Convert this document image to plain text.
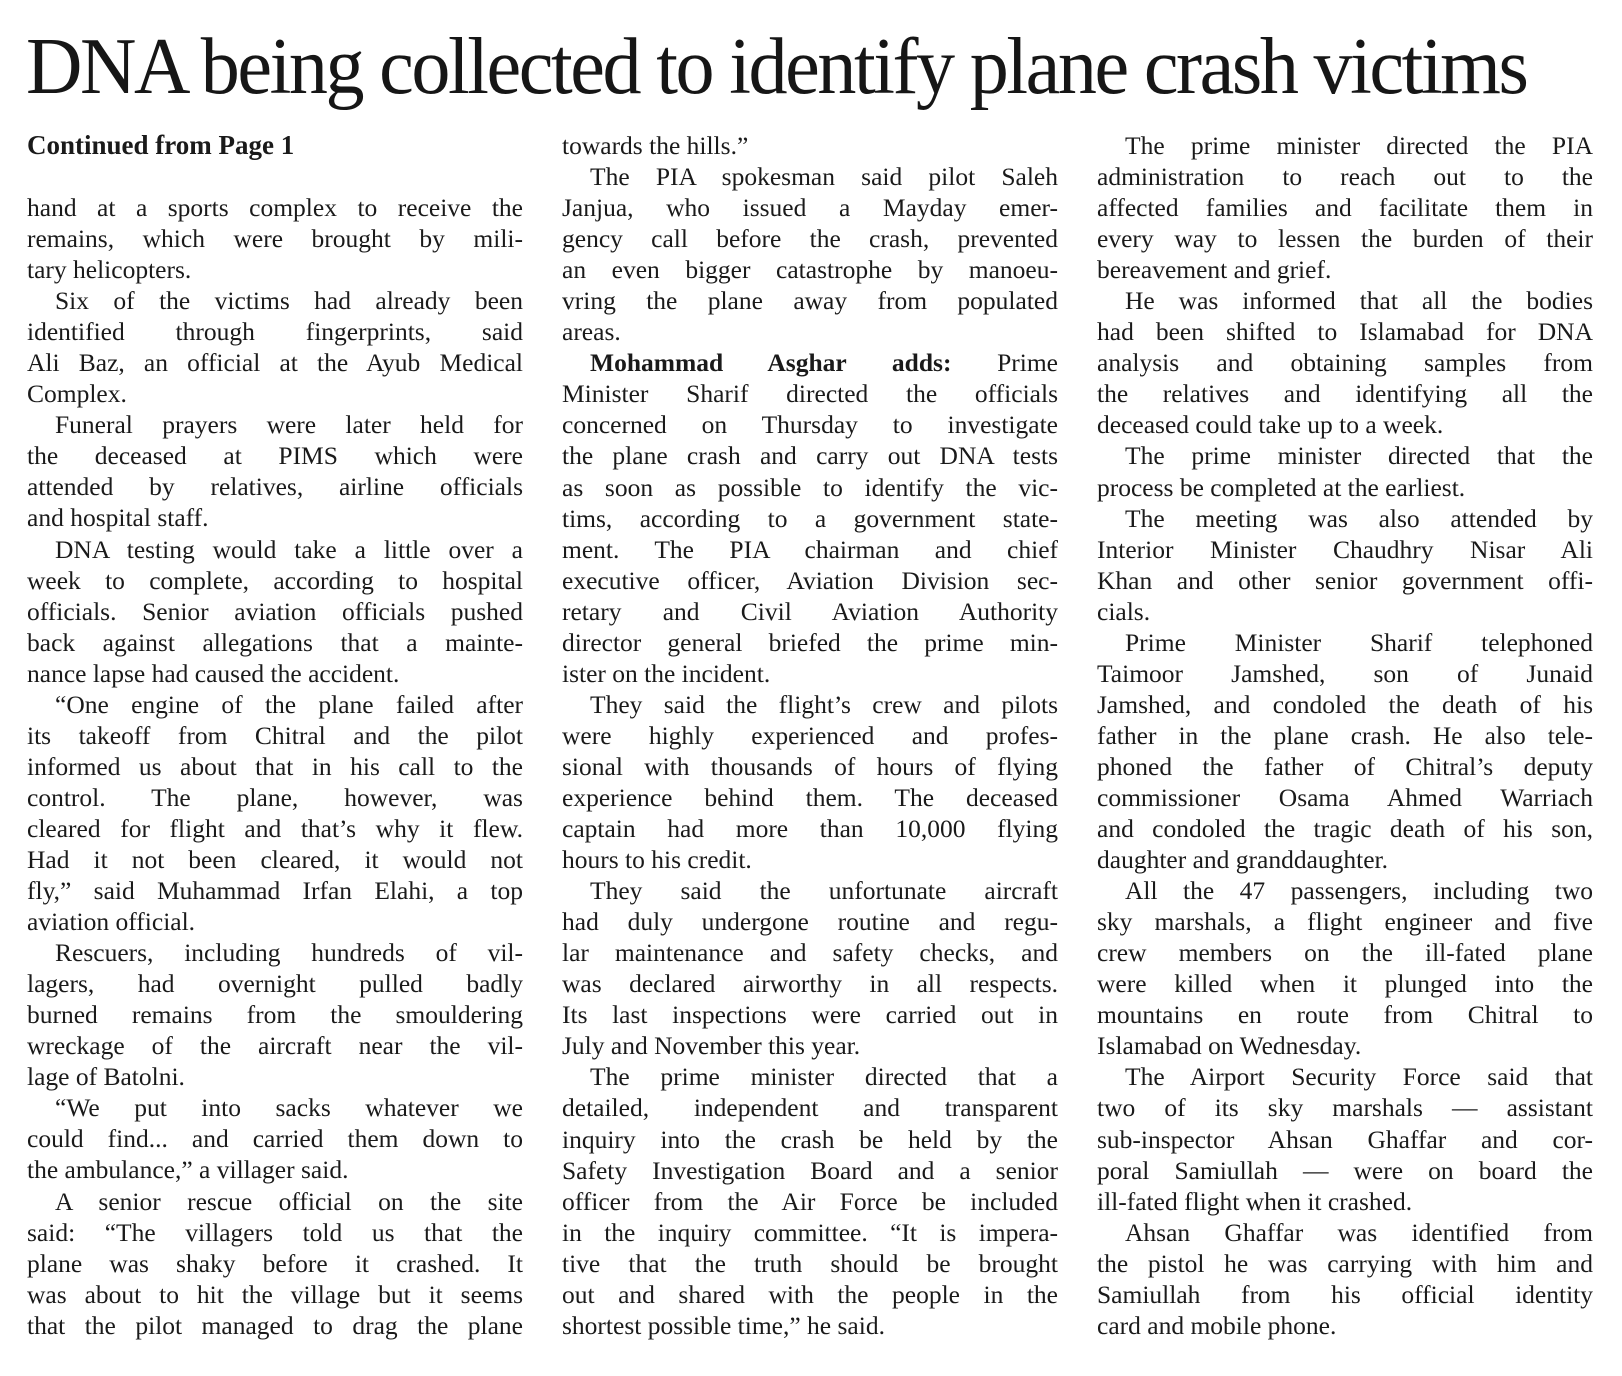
DNA being collected to identify plane crash victims
Continued from Page 1
hand at a sports complex to receive the
remains, which were brought by mili-
tary helicopters.
Six of the victims had already been
identified through fingerprints, said
Ali Baz, an official at the Ayub Medical
Complex.
Funeral prayers were later held for
the deceased at PIMS which were
attended by relatives, airline officials
and hospital staff.
DNA testing would take a little over a
week to complete, according to hospital
officials. Senior aviation officials pushed
back against allegations that a mainte-
nance lapse had caused the accident.
“One engine of the plane failed after
its takeoff from Chitral and the pilot
informed us about that in his call to the
control. The plane, however, was
cleared for flight and that’s why it flew.
Had it not been cleared, it would not
fly,” said Muhammad Irfan Elahi, a top
aviation official.
Rescuers, including hundreds of vil-
lagers, had overnight pulled badly
burned remains from the smouldering
wreckage of the aircraft near the vil-
lage of Batolni.
“We put into sacks whatever we
could find... and carried them down to
the ambulance,” a villager said.
A senior rescue official on the site
said: “The villagers told us that the
plane was shaky before it crashed. It
was about to hit the village but it seems
that the pilot managed to drag the plane
towards the hills.”
The PIA spokesman said pilot Saleh
Janjua, who issued a Mayday emer-
gency call before the crash, prevented
an even bigger catastrophe by manoeu-
vring the plane away from populated
areas.
Mohammad Asghar adds: Prime
Minister Sharif directed the officials
concerned on Thursday to investigate
the plane crash and carry out DNA tests
as soon as possible to identify the vic-
tims, according to a government state-
ment. The PIA chairman and chief
executive officer, Aviation Division sec-
retary and Civil Aviation Authority
director general briefed the prime min-
ister on the incident.
They said the flight’s crew and pilots
were highly experienced and profes-
sional with thousands of hours of flying
experience behind them. The deceased
captain had more than 10,000 flying
hours to his credit.
They said the unfortunate aircraft
had duly undergone routine and regu-
lar maintenance and safety checks, and
was declared airworthy in all respects.
Its last inspections were carried out in
July and November this year.
The prime minister directed that a
detailed, independent and transparent
inquiry into the crash be held by the
Safety Investigation Board and a senior
officer from the Air Force be included
in the inquiry committee. “It is impera-
tive that the truth should be brought
out and shared with the people in the
shortest possible time,” he said.
The prime minister directed the PIA
administration to reach out to the
affected families and facilitate them in
every way to lessen the burden of their
bereavement and grief.
He was informed that all the bodies
had been shifted to Islamabad for DNA
analysis and obtaining samples from
the relatives and identifying all the
deceased could take up to a week.
The prime minister directed that the
process be completed at the earliest.
The meeting was also attended by
Interior Minister Chaudhry Nisar Ali
Khan and other senior government offi-
cials.
Prime Minister Sharif telephoned
Taimoor Jamshed, son of Junaid
Jamshed, and condoled the death of his
father in the plane crash. He also tele-
phoned the father of Chitral’s deputy
commissioner Osama Ahmed Warriach
and condoled the tragic death of his son,
daughter and granddaughter.
All the 47 passengers, including two
sky marshals, a flight engineer and five
crew members on the ill-fated plane
were killed when it plunged into the
mountains en route from Chitral to
Islamabad on Wednesday.
The Airport Security Force said that
two of its sky marshals — assistant
sub-inspector Ahsan Ghaffar and cor-
poral Samiullah — were on board the
ill-fated flight when it crashed.
Ahsan Ghaffar was identified from
the pistol he was carrying with him and
Samiullah from his official identity
card and mobile phone.
